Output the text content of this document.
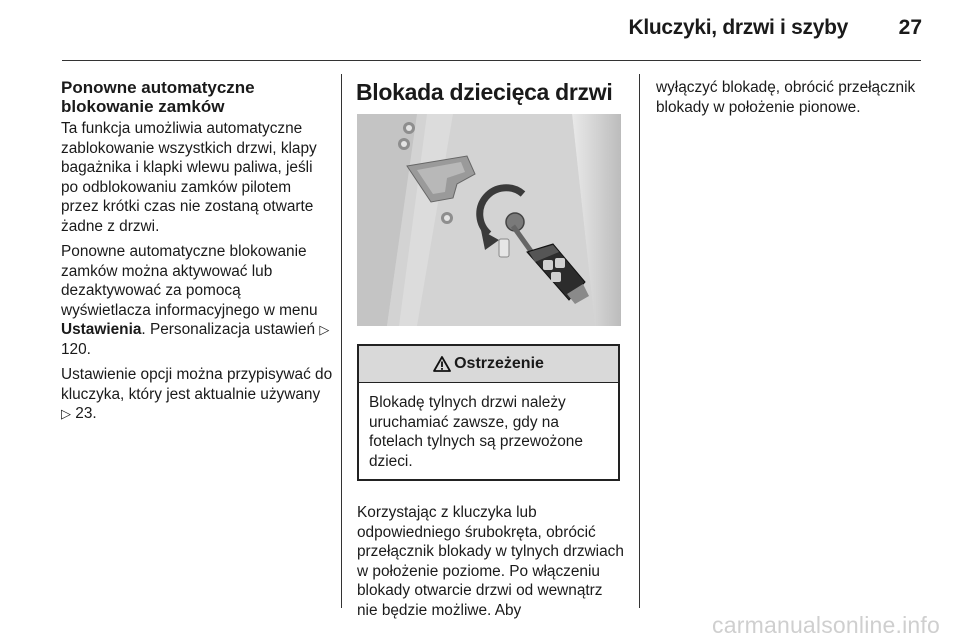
Kluczyki, drzwi i szyby	27
Ponowne automatyczne blokowanie zamków

Ta funkcja umożliwia automatyczne zablokowanie wszystkich drzwi, klapy bagażnika i klapki wlewu paliwa, jeśli po odblokowaniu zamków pilotem przez krótki czas nie zostaną otwarte żadne z drzwi.

Ponowne automatyczne blokowanie zamków można aktywować lub dezaktywować za pomocą wyświetlacza informacyjnego w menu Ustawienia. Personalizacja ustawień ▷ 120.

Ustawienie opcji można przypisywać do kluczyka, który jest aktualnie używany ▷ 23.

Blokada dziecięca drzwi
Ostrzeżenie
Blokadę tylnych drzwi należy uruchamiać zawsze, gdy na fotelach tylnych są przewożone dzieci.

Korzystając z kluczyka lub odpowiedniego śrubokręta, obrócić przełącznik blokady w tylnych drzwiach w położenie poziome. Po włączeniu blokady otwarcie drzwi od wewnątrz nie będzie możliwe. Aby

wyłączyć blokadę, obrócić przełącznik blokady w położenie pionowe.

carmanualsonline.info
